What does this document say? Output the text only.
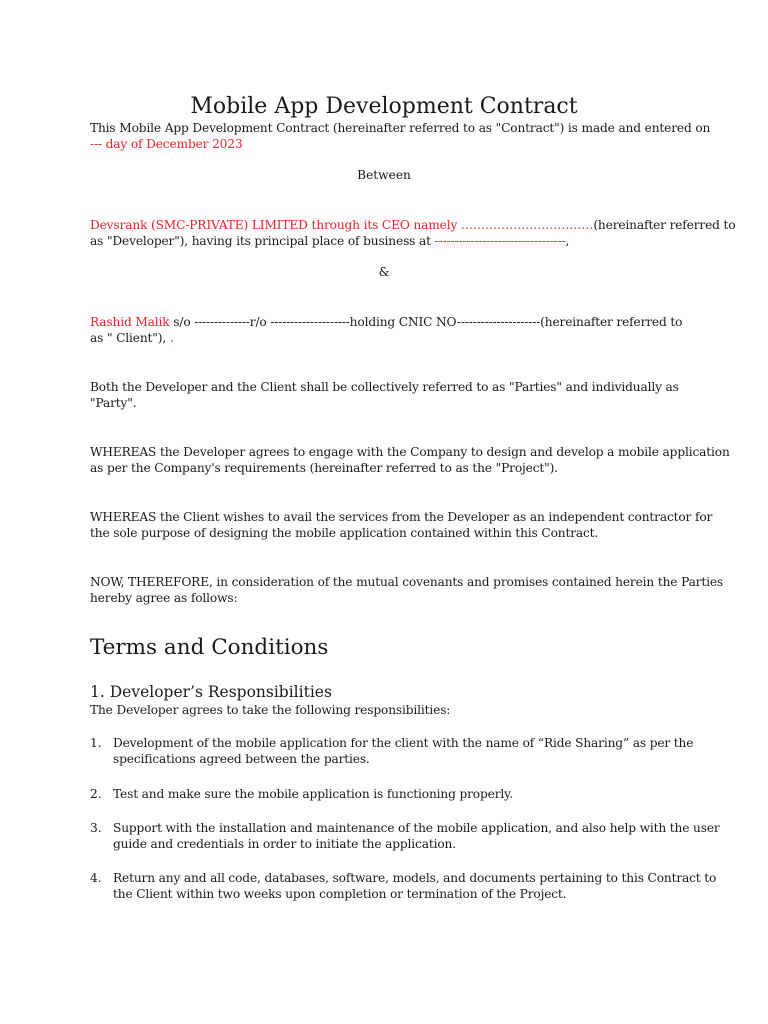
Mobile App Development Contract
This Mobile App Development Contract (hereinafter referred to as "Contract") is made and entered on
--- day of December 2023
Between
Devsrank (SMC-PRIVATE) LIMITED through its CEO namely ……………………………(hereinafter referred to
as "Developer"), having its principal place of business at ---------------------------------,
&
Rashid Malik s/o --------------r/o --------------------holding CNIC NO---------------------(hereinafter referred to
as " Client"), .
Both the Developer and the Client shall be collectively referred to as "Parties" and individually as
"Party".
WHEREAS the Developer agrees to engage with the Company to design and develop a mobile application
as per the Company's requirements (hereinafter referred to as the "Project").
WHEREAS the Client wishes to avail the services from the Developer as an independent contractor for
the sole purpose of designing the mobile application contained within this Contract.
NOW, THEREFORE, in consideration of the mutual covenants and promises contained herein the Parties
hereby agree as follows:
Terms and Conditions
1. Developer’s Responsibilities
The Developer agrees to take the following responsibilities:
1. Development of the mobile application for the client with the name of “Ride Sharing” as per the
specifications agreed between the parties.
2. Test and make sure the mobile application is functioning properly.
3. Support with the installation and maintenance of the mobile application, and also help with the user
guide and credentials in order to initiate the application.
4. Return any and all code, databases, software, models, and documents pertaining to this Contract to
the Client within two weeks upon completion or termination of the Project.
